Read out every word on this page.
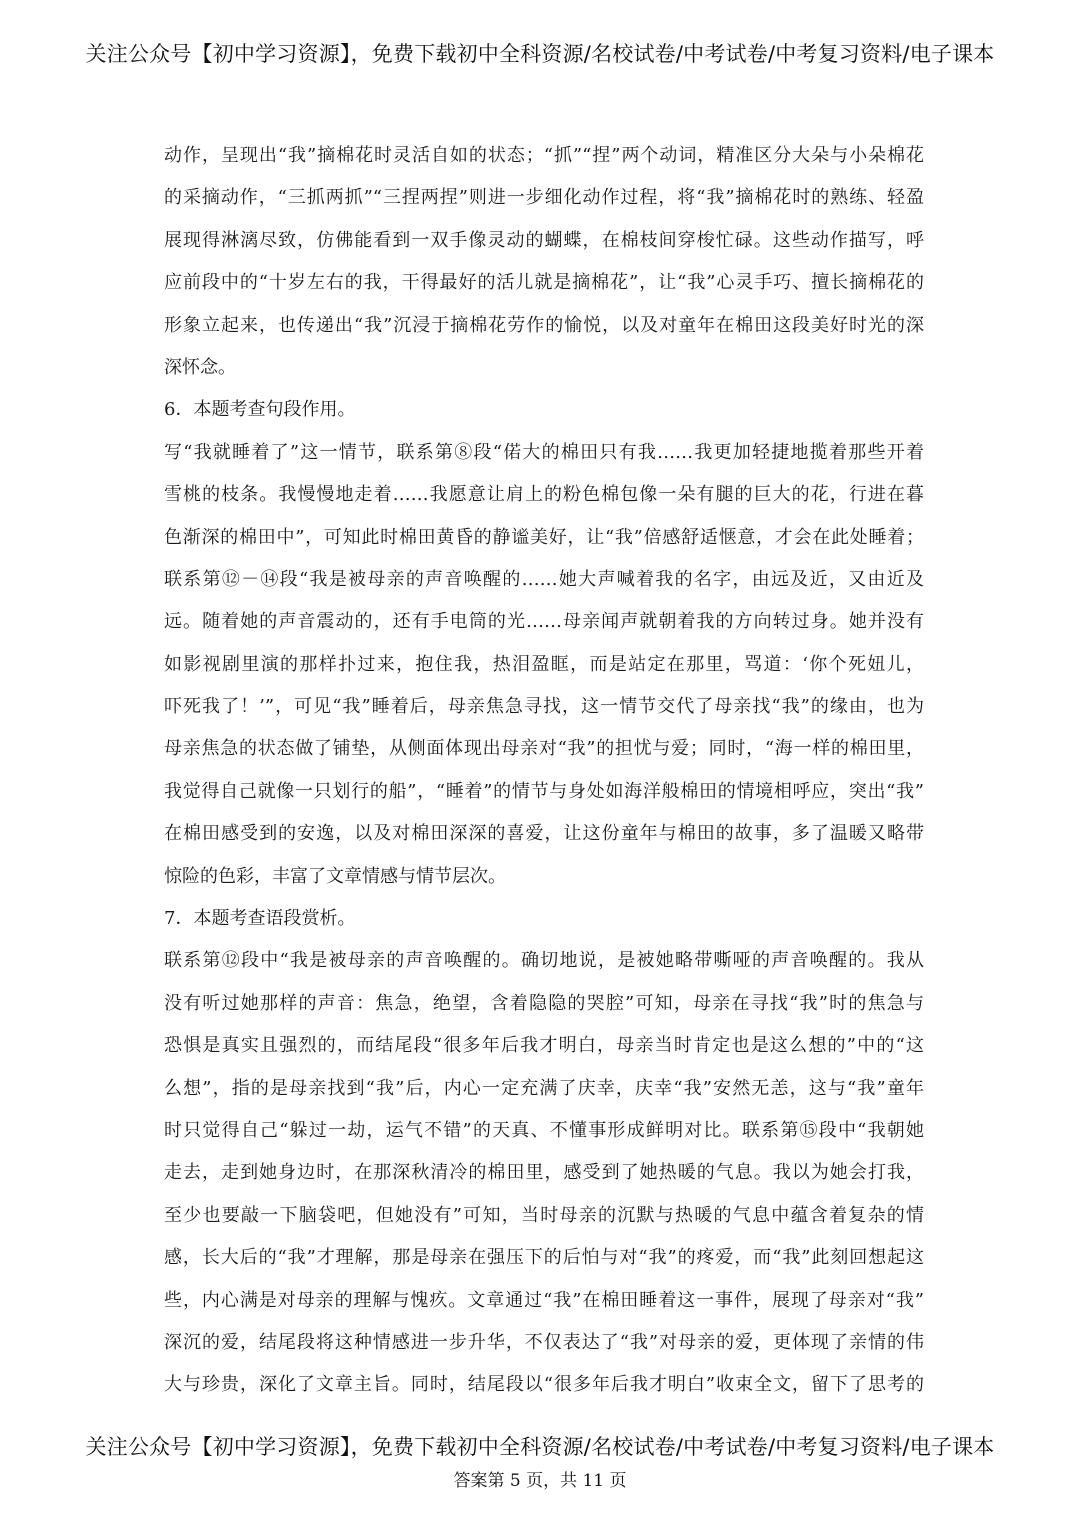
关注公众号【初中学习资源】，免费下载初中全科资源/名校试卷/中考试卷/中考复习资料/电子课本
动作，呈现出“我”摘棉花时灵活自如的状态；“抓”“捏”两个动词，精准区分大朵与小朵棉花
的采摘动作，“三抓两抓”“三捏两捏”则进一步细化动作过程，将“我”摘棉花时的熟练、轻盈
展现得淋漓尽致，仿佛能看到一双手像灵动的蝴蝶，在棉枝间穿梭忙碌。这些动作描写，呼
应前段中的“十岁左右的我，干得最好的活儿就是摘棉花”，让“我”心灵手巧、擅长摘棉花的
形象立起来，也传递出“我”沉浸于摘棉花劳作的愉悦，以及对童年在棉田这段美好时光的深
深怀念。
6．本题考查句段作用。
写“我就睡着了”这一情节，联系第⑧段“偌大的棉田只有我……我更加轻捷地揽着那些开着
雪桃的枝条。我慢慢地走着……我愿意让肩上的粉色棉包像一朵有腿的巨大的花，行进在暮
色渐深的棉田中”，可知此时棉田黄昏的静谧美好，让“我”倍感舒适惬意，才会在此处睡着；
联系第⑫－⑭段“我是被母亲的声音唤醒的……她大声喊着我的名字，由远及近，又由近及
远。随着她的声音震动的，还有手电筒的光……母亲闻声就朝着我的方向转过身。她并没有
如影视剧里演的那样扑过来，抱住我，热泪盈眶，而是站定在那里，骂道：‘你个死妞儿，
吓死我了！’”，可见“我”睡着后，母亲焦急寻找，这一情节交代了母亲找“我”的缘由，也为
母亲焦急的状态做了铺垫，从侧面体现出母亲对“我”的担忧与爱；同时，“海一样的棉田里，
我觉得自己就像一只划行的船”，“睡着”的情节与身处如海洋般棉田的情境相呼应，突出“我”
在棉田感受到的安逸，以及对棉田深深的喜爱，让这份童年与棉田的故事，多了温暖又略带
惊险的色彩，丰富了文章情感与情节层次。
7．本题考查语段赏析。
联系第⑫段中“我是被母亲的声音唤醒的。确切地说，是被她略带嘶哑的声音唤醒的。我从
没有听过她那样的声音：焦急，绝望，含着隐隐的哭腔”可知，母亲在寻找“我”时的焦急与
恐惧是真实且强烈的，而结尾段“很多年后我才明白，母亲当时肯定也是这么想的”中的“这
么想”，指的是母亲找到“我”后，内心一定充满了庆幸，庆幸“我”安然无恙，这与“我”童年
时只觉得自己“躲过一劫，运气不错”的天真、不懂事形成鲜明对比。联系第⑮段中“我朝她
走去，走到她身边时，在那深秋清冷的棉田里，感受到了她热暖的气息。我以为她会打我，
至少也要敲一下脑袋吧，但她没有”可知，当时母亲的沉默与热暖的气息中蕴含着复杂的情
感，长大后的“我”才理解，那是母亲在强压下的后怕与对“我”的疼爱，而“我”此刻回想起这
些，内心满是对母亲的理解与愧疚。文章通过“我”在棉田睡着这一事件，展现了母亲对“我”
深沉的爱，结尾段将这种情感进一步升华，不仅表达了“我”对母亲的爱，更体现了亲情的伟
大与珍贵，深化了文章主旨。同时，结尾段以“很多年后我才明白”收束全文，留下了思考的
关注公众号【初中学习资源】，免费下载初中全科资源/名校试卷/中考试卷/中考复习资料/电子课本
答案第 5 页，共 11 页
